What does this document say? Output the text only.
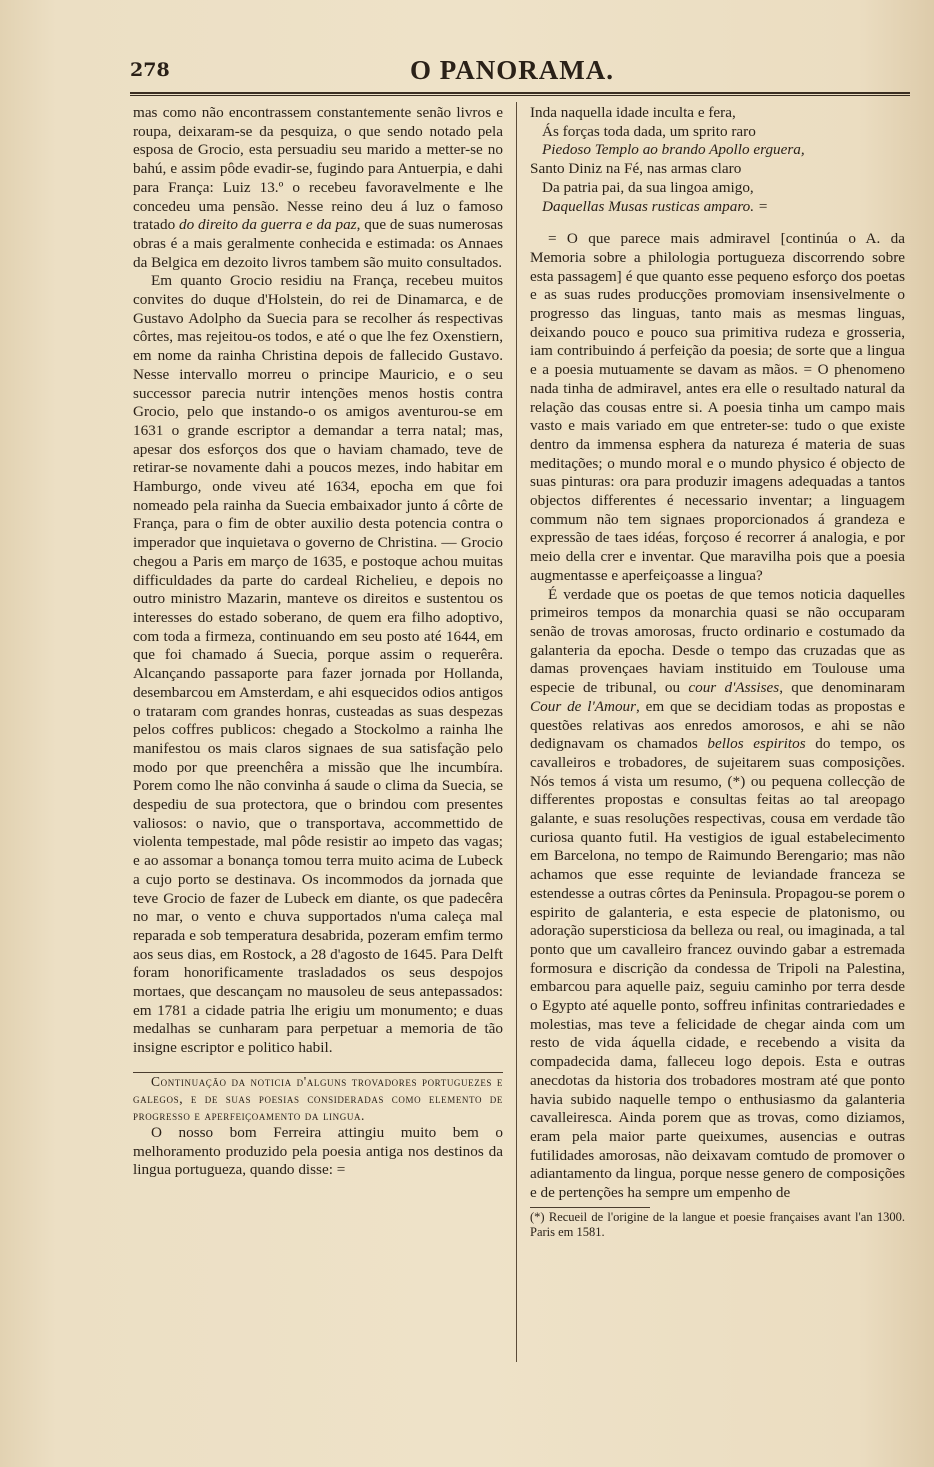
278	O PANORAMA.

mas como não encontrassem constantemente senão livros e roupa, deixaram-se da pesquiza, o que sendo notado pela esposa de Grocio, esta persuadiu seu marido a metter-se no bahú, e assim pôde evadir-se, fugindo para Antuerpia, e dahi para França: Luiz 13.º o recebeu favoravelmente e lhe concedeu uma pensão. Nesse reino deu á luz o famoso tratado do direito da guerra e da paz, que de suas numerosas obras é a mais geralmente conhecida e estimada: os Annaes da Belgica em dezoito livros tambem são muito consultados.

Em quanto Grocio residiu na França, recebeu muitos convites do duque d'Holstein, do rei de Dinamarca, e de Gustavo Adolpho da Suecia para se recolher ás respectivas côrtes, mas rejeitou-os todos, e até o que lhe fez Oxenstiern, em nome da rainha Christina depois de fallecido Gustavo. Nesse intervallo morreu o principe Mauricio, e o seu successor parecia nutrir intenções menos hostis contra Grocio, pelo que instando-o os amigos aventurou-se em 1631 o grande escriptor a demandar a terra natal; mas, apesar dos esforços dos que o haviam chamado, teve de retirar-se novamente dahi a poucos mezes, indo habitar em Hamburgo, onde viveu até 1634, epocha em que foi nomeado pela rainha da Suecia embaixador junto á côrte de França, para o fim de obter auxilio desta potencia contra o imperador que inquietava o governo de Christina. — Grocio chegou a Paris em março de 1635, e postoque achou muitas difficuldades da parte do cardeal Richelieu, e depois no outro ministro Mazarin, manteve os direitos e sustentou os interesses do estado soberano, de quem era filho adoptivo, com toda a firmeza, continuando em seu posto até 1644, em que foi chamado á Suecia, porque assim o requerêra. Alcançando passaporte para fazer jornada por Hollanda, desembarcou em Amsterdam, e ahi esquecidos odios antigos o trataram com grandes honras, custeadas as suas despezas pelos coffres publicos: chegado a Stockolmo a rainha lhe manifestou os mais claros signaes de sua satisfação pelo modo por que preenchêra a missão que lhe incumbíra. Porem como lhe não convinha á saude o clima da Suecia, se despediu de sua protectora, que o brindou com presentes valiosos: o navio, que o transportava, accommettido de violenta tempestade, mal pôde resistir ao impeto das vagas; e ao assomar a bonança tomou terra muito acima de Lubeck a cujo porto se destinava. Os incommodos da jornada que teve Grocio de fazer de Lubeck em diante, os que padecêra no mar, o vento e chuva supportados n'uma caleça mal reparada e sob temperatura desabrida, pozeram emfim termo aos seus dias, em Rostock, a 28 d'agosto de 1645. Para Delft foram honorificamente trasladados os seus despojos mortaes, que descançam no mausoleu de seus antepassados: em 1781 a cidade patria lhe erigiu um monumento; e duas medalhas se cunharam para perpetuar a memoria de tão insigne escriptor e politico habil.

Continuação da noticia d'alguns trovadores portuguezes e galegos, e de suas poesias consideradas como elemento de progresso e aperfeiçoamento da lingua.

O nosso bom Ferreira attingiu muito bem o melhoramento produzido pela poesia antiga nos destinos da lingua portugueza, quando disse: =

Inda naquella idade inculta e fera,

Ás forças toda dada, um sprito raro

Piedoso Templo ao brando Apollo erguera,

Santo Diniz na Fé, nas armas claro

Da patria pai, da sua lingoa amigo,

Daquellas Musas rusticas amparo. =

= O que parece mais admiravel [continúa o A. da Memoria sobre a philologia portugueza discorrendo sobre esta passagem] é que quanto esse pequeno esforço dos poetas e as suas rudes producções promoviam insensivelmente o progresso das linguas, tanto mais as mesmas linguas, deixando pouco e pouco sua primitiva rudeza e grosseria, iam contribuindo á perfeição da poesia; de sorte que a lingua e a poesia mutuamente se davam as mãos. = O phenomeno nada tinha de admiravel, antes era elle o resultado natural da relação das cousas entre si. A poesia tinha um campo mais vasto e mais variado em que entreter-se: tudo o que existe dentro da immensa esphera da natureza é materia de suas meditações; o mundo moral e o mundo physico é objecto de suas pinturas: ora para produzir imagens adequadas a tantos objectos differentes é necessario inventar; a linguagem commum não tem signaes proporcionados á grandeza e expressão de taes idéas, forçoso é recorrer á analogia, e por meio della crer e inventar. Que maravilha pois que a poesia augmentasse e aperfeiçoasse a lingua?

É verdade que os poetas de que temos noticia daquelles primeiros tempos da monarchia quasi se não occuparam senão de trovas amorosas, fructo ordinario e costumado da galanteria da epocha. Desde o tempo das cruzadas que as damas provençaes haviam instituido em Toulouse uma especie de tribunal, ou cour d'Assises, que denominaram Cour de l'Amour, em que se decidiam todas as propostas e questões relativas aos enredos amorosos, e ahi se não dedignavam os chamados bellos espiritos do tempo, os cavalleiros e trobadores, de sujeitarem suas composições. Nós temos á vista um resumo, (*) ou pequena collecção de differentes propostas e consultas feitas ao tal areopago galante, e suas resoluções respectivas, cousa em verdade tão curiosa quanto futil. Ha vestigios de igual estabelecimento em Barcelona, no tempo de Raimundo Berengario; mas não achamos que esse requinte de leviandade franceza se estendesse a outras côrtes da Peninsula. Propagou-se porem o espirito de galanteria, e esta especie de platonismo, ou adoração supersticiosa da belleza ou real, ou imaginada, a tal ponto que um cavalleiro francez ouvindo gabar a estremada formosura e discrição da condessa de Tripoli na Palestina, embarcou para aquelle paiz, seguiu caminho por terra desde o Egypto até aquelle ponto, soffreu infinitas contrariedades e molestias, mas teve a felicidade de chegar ainda com um resto de vida áquella cidade, e recebendo a visita da compadecida dama, falleceu logo depois. Esta e outras anecdotas da historia dos trobadores mostram até que ponto havia subido naquelle tempo o enthusiasmo da galanteria cavalleiresca. Ainda porem que as trovas, como diziamos, eram pela maior parte queixumes, ausencias e outras futilidades amorosas, não deixavam comtudo de promover o adiantamento da lingua, porque nesse genero de composições e de pertenções ha sempre um empenho de

(*) Recueil de l'origine de la langue et poesie françaises avant l'an 1300. Paris em 1581.
